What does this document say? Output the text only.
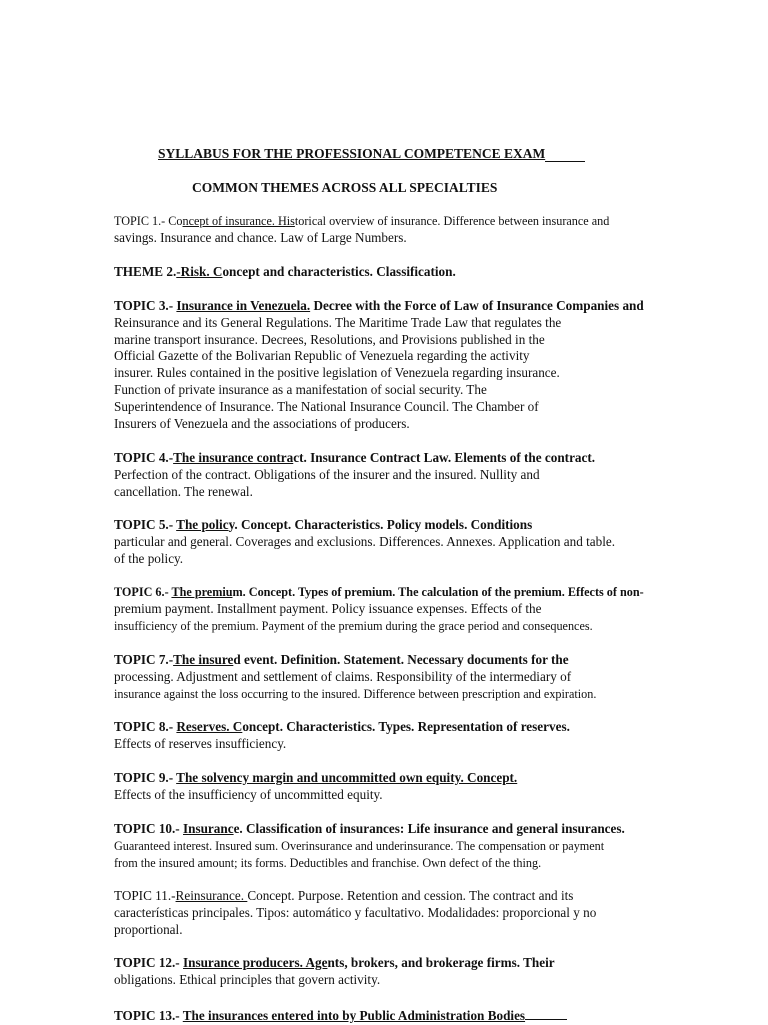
SYLLABUS FOR THE PROFESSIONAL COMPETENCE EXAM
COMMON THEMES ACROSS ALL SPECIALTIES

TOPIC 1.- Concept of insurance. Historical overview of insurance. Difference between insurance and

savings. Insurance and chance. Law of Large Numbers.

THEME 2.-Risk. Concept and characteristics. Classification.

TOPIC 3.- Insurance in Venezuela. Decree with the Force of Law of Insurance Companies and

Reinsurance and its General Regulations. The Maritime Trade Law that regulates the

marine transport insurance. Decrees, Resolutions, and Provisions published in the

Official Gazette of the Bolivarian Republic of Venezuela regarding the activity

insurer. Rules contained in the positive legislation of Venezuela regarding insurance.

Function of private insurance as a manifestation of social security. The

Superintendence of Insurance. The National Insurance Council. The Chamber of

Insurers of Venezuela and the associations of producers.

TOPIC 4.-The insurance contract. Insurance Contract Law. Elements of the contract.

Perfection of the contract. Obligations of the insurer and the insured. Nullity and

cancellation. The renewal.

TOPIC 5.- The policy. Concept. Characteristics. Policy models. Conditions

particular and general. Coverages and exclusions. Differences. Annexes. Application and table.

of the policy.

TOPIC 6.- The premium. Concept. Types of premium. The calculation of the premium. Effects of non-

premium payment. Installment payment. Policy issuance expenses. Effects of the

insufficiency of the premium. Payment of the premium during the grace period and consequences.

TOPIC 7.-The insured event. Definition. Statement. Necessary documents for the

processing. Adjustment and settlement of claims. Responsibility of the intermediary of

insurance against the loss occurring to the insured. Difference between prescription and expiration.

TOPIC 8.- Reserves. Concept. Characteristics. Types. Representation of reserves.

Effects of reserves insufficiency.

TOPIC 9.- The solvency margin and uncommitted own equity. Concept.

Effects of the insufficiency of uncommitted equity.

TOPIC 10.- Insurance. Classification of insurances: Life insurance and general insurances.

Guaranteed interest. Insured sum. Overinsurance and underinsurance. The compensation or payment

from the insured amount; its forms. Deductibles and franchise. Own defect of the thing.

TOPIC 11.-Reinsurance. Concept. Purpose. Retention and cession. The contract and its

características principales. Tipos: automático y facultativo. Modalidades: proporcional y no

proportional.

TOPIC 12.- Insurance producers. Agents, brokers, and brokerage firms. Their

obligations. Ethical principles that govern activity.

TOPIC 13.- The insurances entered into by Public Administration Bodies
